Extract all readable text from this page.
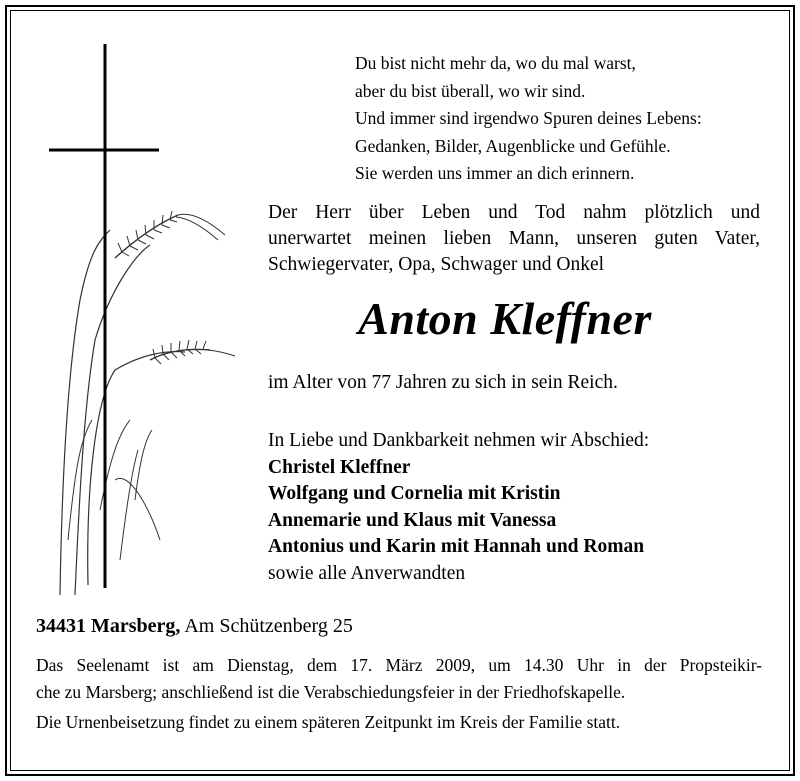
Du bist nicht mehr da, wo du mal warst,
aber du bist überall, wo wir sind.
Und immer sind irgendwo Spuren deines Lebens:
Gedanken, Bilder, Augenblicke und Gefühle.
Sie werden uns immer an dich erinnern.
Der Herr über Leben und Tod nahm plötzlich und
unerwartet meinen lieben Mann, unseren guten Vater,
Schwiegervater, Opa, Schwager und Onkel
Anton Kleffner
im Alter von 77 Jahren zu sich in sein Reich.
In Liebe und Dankbarkeit nehmen wir Abschied:
Christel Kleffner
Wolfgang und Cornelia mit Kristin
Annemarie und Klaus mit Vanessa
Antonius und Karin mit Hannah und Roman
sowie alle Anverwandten
34431 Marsberg, Am Schützenberg 25
Das Seelenamt ist am Dienstag, dem 17. März 2009, um 14.30 Uhr in der Propsteikir-
che zu Marsberg; anschließend ist die Verabschiedungsfeier in der Friedhofskapelle.
Die Urnenbeisetzung findet zu einem späteren Zeitpunkt im Kreis der Familie statt.
